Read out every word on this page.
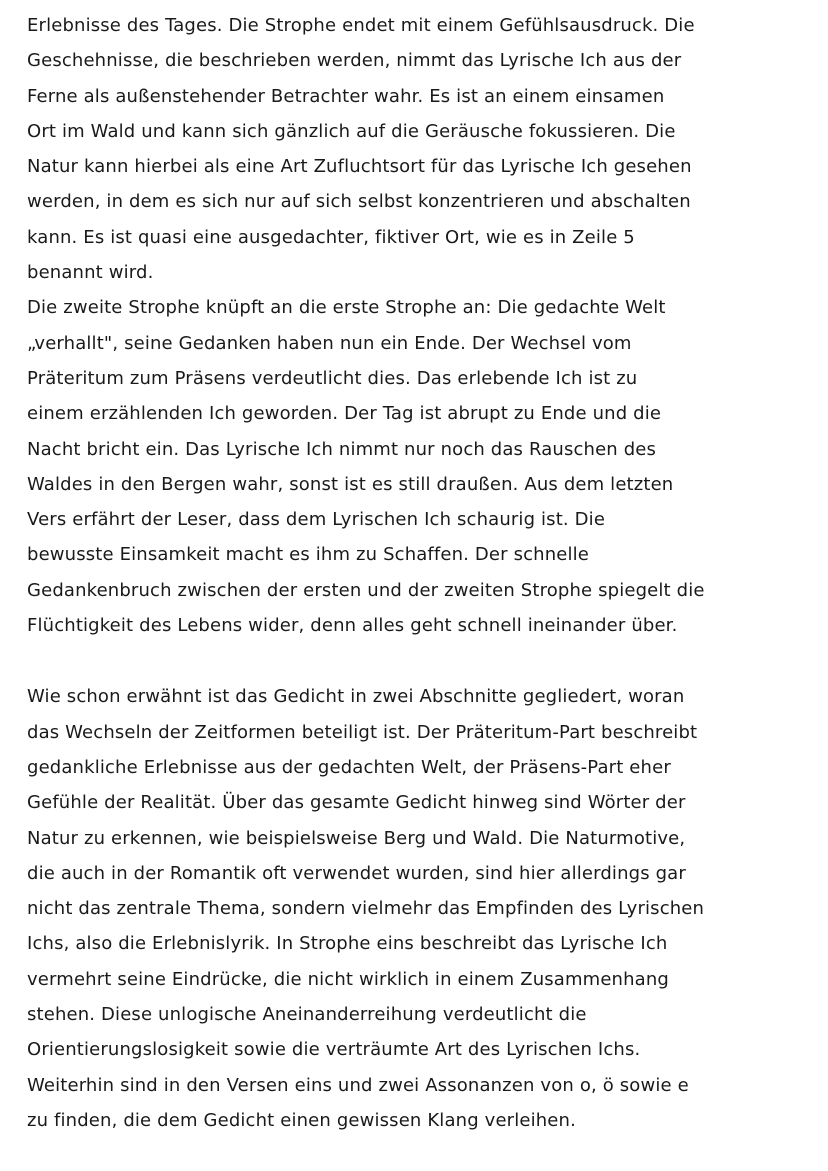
Erlebnisse des Tages. Die Strophe endet mit einem Gefühlsausdruck. Die
Geschehnisse, die beschrieben werden, nimmt das Lyrische Ich aus der
Ferne als außenstehender Betrachter wahr. Es ist an einem einsamen
Ort im Wald und kann sich gänzlich auf die Geräusche fokussieren. Die
Natur kann hierbei als eine Art Zufluchtsort für das Lyrische Ich gesehen
werden, in dem es sich nur auf sich selbst konzentrieren und abschalten
kann. Es ist quasi eine ausgedachter, fiktiver Ort, wie es in Zeile 5
benannt wird.
Die zweite Strophe knüpft an die erste Strophe an: Die gedachte Welt
„verhallt", seine Gedanken haben nun ein Ende. Der Wechsel vom
Präteritum zum Präsens verdeutlicht dies. Das erlebende Ich ist zu
einem erzählenden Ich geworden. Der Tag ist abrupt zu Ende und die
Nacht bricht ein. Das Lyrische Ich nimmt nur noch das Rauschen des
Waldes in den Bergen wahr, sonst ist es still draußen. Aus dem letzten
Vers erfährt der Leser, dass dem Lyrischen Ich schaurig ist. Die
bewusste Einsamkeit macht es ihm zu Schaffen. Der schnelle
Gedankenbruch zwischen der ersten und der zweiten Strophe spiegelt die
Flüchtigkeit des Lebens wider, denn alles geht schnell ineinander über.
Wie schon erwähnt ist das Gedicht in zwei Abschnitte gegliedert, woran
das Wechseln der Zeitformen beteiligt ist. Der Präteritum-Part beschreibt
gedankliche Erlebnisse aus der gedachten Welt, der Präsens-Part eher
Gefühle der Realität. Über das gesamte Gedicht hinweg sind Wörter der
Natur zu erkennen, wie beispielsweise Berg und Wald. Die Naturmotive,
die auch in der Romantik oft verwendet wurden, sind hier allerdings gar
nicht das zentrale Thema, sondern vielmehr das Empfinden des Lyrischen
Ichs, also die Erlebnislyrik. In Strophe eins beschreibt das Lyrische Ich
vermehrt seine Eindrücke, die nicht wirklich in einem Zusammenhang
stehen. Diese unlogische Aneinanderreihung verdeutlicht die
Orientierungslosigkeit sowie die verträumte Art des Lyrischen Ichs.
Weiterhin sind in den Versen eins und zwei Assonanzen von o, ö sowie e
zu finden, die dem Gedicht einen gewissen Klang verleihen.
